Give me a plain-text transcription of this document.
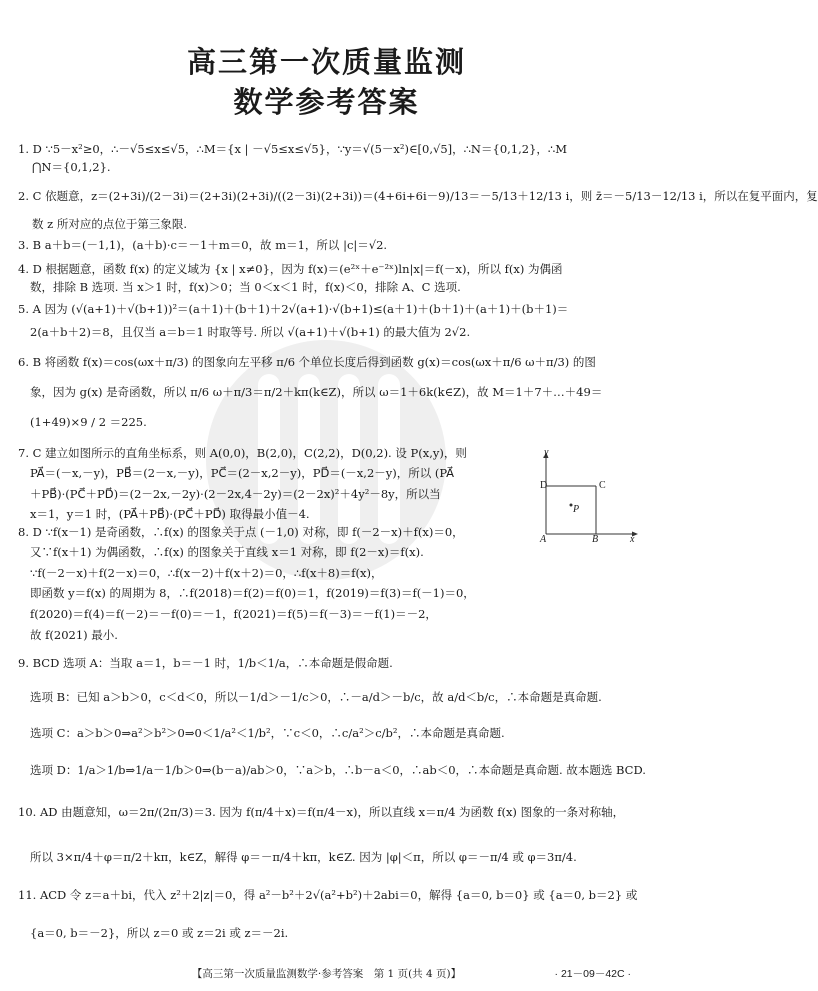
高三第一次质量监测
数学参考答案
1. D ∵5－x²≥0，∴－√5≤x≤√5，∴M＝{x | －√5≤x≤√5}，∵y＝√(5－x²)∈[0,√5]，∴N＝{0,1,2}，∴M
⋂N＝{0,1,2}.
2. C 依题意，z＝(2+3i)/(2－3i)＝(2+3i)(2+3i)/((2－3i)(2+3i))＝(4+6i+6i－9)/13＝－5/13＋12/13 i，则 z̄＝－5/13－12/13 i，所以在复平面内，复
数 z 所对应的点位于第三象限.
3. B a＋b＝(－1,1)，(a＋b)·c＝－1＋m＝0，故 m＝1，所以 |c|＝√2.
4. D 根据题意，函数 f(x) 的定义域为 {x | x≠0}，因为 f(x)＝(e²ˣ＋e⁻²ˣ)ln|x|＝f(－x)，所以 f(x) 为偶函
数，排除 B 选项. 当 x＞1 时，f(x)＞0；当 0＜x＜1 时，f(x)＜0，排除 A、C 选项.
5. A 因为 (√(a+1)＋√(b+1))²＝(a＋1)＋(b＋1)＋2√(a+1)·√(b+1)≤(a＋1)＋(b＋1)＋(a＋1)＋(b＋1)＝
2(a＋b＋2)＝8，且仅当 a＝b＝1 时取等号. 所以 √(a+1)＋√(b+1) 的最大值为 2√2.
6. B 将函数 f(x)＝cos(ωx＋π/3) 的图象向左平移 π/6 个单位长度后得到函数 g(x)＝cos(ωx＋π/6 ω＋π/3) 的图
象，因为 g(x) 是奇函数，所以 π/6 ω＋π/3＝π/2＋kπ(k∈Z)，所以 ω＝1＋6k(k∈Z)，故 M＝1＋7＋…＋49＝
(1+49)×9 / 2 ＝225.
7. C 建立如图所示的直角坐标系，则 A(0,0)，B(2,0)，C(2,2)，D(0,2). 设 P(x,y)，则
PA⃗＝(－x,－y)，PB⃗＝(2－x,－y)，PC⃗＝(2－x,2－y)，PD⃗＝(－x,2－y)，所以 (PA⃗
＋PB⃗)·(PC⃗＋PD⃗)＝(2－2x,－2y)·(2－2x,4－2y)＝(2－2x)²＋4y²－8y，所以当
x＝1，y＝1 时，(PA⃗＋PB⃗)·(PC⃗＋PD⃗) 取得最小值－4.
8. D ∵f(x－1) 是奇函数，∴f(x) 的图象关于点 (－1,0) 对称，即 f(－2－x)＋f(x)＝0，
又∵f(x＋1) 为偶函数，∴f(x) 的图象关于直线 x＝1 对称，即 f(2－x)＝f(x).
∵f(－2－x)＋f(2－x)＝0，∴f(x－2)＋f(x＋2)＝0，∴f(x＋8)＝f(x)，
即函数 y＝f(x) 的周期为 8，∴f(2018)＝f(2)＝f(0)＝1，f(2019)＝f(3)＝f(－1)＝0，
f(2020)＝f(4)＝f(－2)＝－f(0)＝－1，f(2021)＝f(5)＝f(－3)＝－f(1)＝－2，
故 f(2021) 最小.
9. BCD 选项 A：当取 a＝1，b＝－1 时，1/b＜1/a，∴本命题是假命题.
选项 B：已知 a＞b＞0，c＜d＜0，所以－1/d＞－1/c＞0，∴－a/d＞－b/c，故 a/d＜b/c，∴本命题是真命题.
选项 C：a＞b＞0⇒a²＞b²＞0⇒0＜1/a²＜1/b²，∵c＜0，∴c/a²＞c/b²，∴本命题是真命题.
选项 D：1/a＞1/b⇒1/a－1/b＞0⇒(b－a)/ab＞0，∵a＞b，∴b－a＜0，∴ab＜0，∴本命题是真命题. 故本题选 BCD.
10. AD 由题意知，ω＝2π/(2π/3)＝3. 因为 f(π/4＋x)＝f(π/4－x)，所以直线 x＝π/4 为函数 f(x) 图象的一条对称轴，
所以 3×π/4＋φ＝π/2＋kπ，k∈Z，解得 φ＝－π/4＋kπ，k∈Z. 因为 |φ|＜π，所以 φ＝－π/4 或 φ＝3π/4.
11. ACD 令 z＝a＋bi，代入 z²＋2|z|＝0，得 a²－b²＋2√(a²+b²)＋2abi＝0，解得 {a＝0, b＝0} 或 {a＝0, b＝2} 或
{a＝0, b＝－2}，所以 z＝0 或 z＝2i 或 z＝－2i.
y
D	C
P
A	B	x
【高三第一次质量监测数学·参考答案　第 1 页(共 4 页)】	· 21－09－42C ·
